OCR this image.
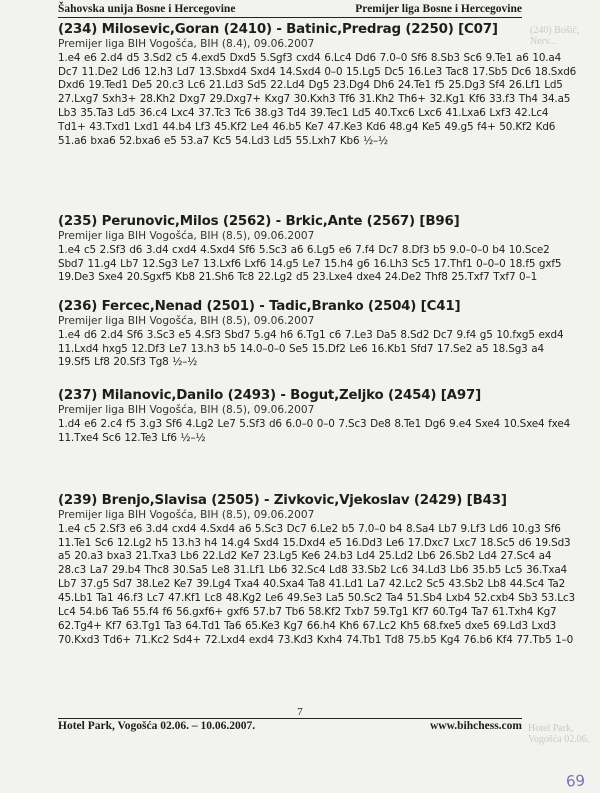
Šahovska unija Bosne i Hercegovine	Premijer liga Bosne i Hercegovine
(240) Bošić, Nerv...
(234) Milosevic,Goran (2410) - Batinic,Predrag (2250) [C07]
Premijer liga BIH Vogošća, BIH (8.4), 09.06.2007
1.e4 e6 2.d4 d5 3.Sd2 c5 4.exd5 Dxd5 5.Sgf3 cxd4 6.Lc4 Dd6 7.0–0 Sf6 8.Sb3 Sc6 9.Te1 a6 10.a4 Dc7 11.De2 Ld6 12.h3 Ld7 13.Sbxd4 Sxd4 14.Sxd4 0–0 15.Lg5 Dc5 16.Le3 Tac8 17.Sb5 Dc6 18.Sxd6 Dxd6 19.Ted1 De5 20.c3 Lc6 21.Ld3 Sd5 22.Ld4 Dg5 23.Dg4 Dh6 24.Te1 f5 25.Dg3 Sf4 26.Lf1 Ld5 27.Lxg7 Sxh3+ 28.Kh2 Dxg7 29.Dxg7+ Kxg7 30.Kxh3 Tf6 31.Kh2 Th6+ 32.Kg1 Kf6 33.f3 Th4 34.a5 Lb3 35.Ta3 Ld5 36.c4 Lxc4 37.Tc3 Tc6 38.g3 Td4 39.Tec1 Ld5 40.Txc6 Lxc6 41.Lxa6 Lxf3 42.Lc4 Td1+ 43.Txd1 Lxd1 44.b4 Lf3 45.Kf2 Le4 46.b5 Ke7 47.Ke3 Kd6 48.g4 Ke5 49.g5 f4+ 50.Kf2 Kd6 51.a6 bxa6 52.bxa6 e5 53.a7 Kc5 54.Ld3 Ld5 55.Lxh7 Kb6 ½–½
(235) Perunovic,Milos (2562) - Brkic,Ante (2567) [B96]
Premijer liga BIH Vogošća, BIH (8.5), 09.06.2007
1.e4 c5 2.Sf3 d6 3.d4 cxd4 4.Sxd4 Sf6 5.Sc3 a6 6.Lg5 e6 7.f4 Dc7 8.Df3 b5 9.0–0–0 b4 10.Sce2 Sbd7 11.g4 Lb7 12.Sg3 Le7 13.Lxf6 Lxf6 14.g5 Le7 15.h4 g6 16.Lh3 Sc5 17.Thf1 0–0–0 18.f5 gxf5 19.De3 Sxe4 20.Sgxf5 Kb8 21.Sh6 Tc8 22.Lg2 d5 23.Lxe4 dxe4 24.De2 Thf8 25.Txf7 Txf7 0–1
(236) Fercec,Nenad (2501) - Tadic,Branko (2504) [C41]
Premijer liga BIH Vogošća, BIH (8.5), 09.06.2007
1.e4 d6 2.d4 Sf6 3.Sc3 e5 4.Sf3 Sbd7 5.g4 h6 6.Tg1 c6 7.Le3 Da5 8.Sd2 Dc7 9.f4 g5 10.fxg5 exd4 11.Lxd4 hxg5 12.Df3 Le7 13.h3 b5 14.0–0–0 Se5 15.Df2 Le6 16.Kb1 Sfd7 17.Se2 a5 18.Sg3 a4 19.Sf5 Lf8 20.Sf3 Tg8 ½–½
(237) Milanovic,Danilo (2493) - Bogut,Zeljko (2454) [A97]
Premijer liga BIH Vogošća, BIH (8.5), 09.06.2007
1.d4 e6 2.c4 f5 3.g3 Sf6 4.Lg2 Le7 5.Sf3 d6 6.0–0 0–0 7.Sc3 De8 8.Te1 Dg6 9.e4 Sxe4 10.Sxe4 fxe4 11.Txe4 Sc6 12.Te3 Lf6 ½–½
(239) Brenjo,Slavisa (2505) - Zivkovic,Vjekoslav (2429) [B43]
Premijer liga BIH Vogošća, BIH (8.5), 09.06.2007
1.e4 c5 2.Sf3 e6 3.d4 cxd4 4.Sxd4 a6 5.Sc3 Dc7 6.Le2 b5 7.0–0 b4 8.Sa4 Lb7 9.Lf3 Ld6 10.g3 Sf6 11.Te1 Sc6 12.Lg2 h5 13.h3 h4 14.g4 Sxd4 15.Dxd4 e5 16.Dd3 Le6 17.Dxc7 Lxc7 18.Sc5 d6 19.Sd3 a5 20.a3 bxa3 21.Txa3 Lb6 22.Ld2 Ke7 23.Lg5 Ke6 24.b3 Ld4 25.Ld2 Lb6 26.Sb2 Ld4 27.Sc4 a4 28.c3 La7 29.b4 Thc8 30.Sa5 Le8 31.Lf1 Lb6 32.Sc4 Ld8 33.Sb2 Lc6 34.Ld3 Lb6 35.b5 Lc5 36.Txa4 Lb7 37.g5 Sd7 38.Le2 Ke7 39.Lg4 Txa4 40.Sxa4 Ta8 41.Ld1 La7 42.Lc2 Sc5 43.Sb2 Lb8 44.Sc4 Ta2 45.Lb1 Ta1 46.f3 Lc7 47.Kf1 Lc8 48.Kg2 Le6 49.Se3 La5 50.Sc2 Ta4 51.Sb4 Lxb4 52.cxb4 Sb3 53.Lc3 Lc4 54.b6 Ta6 55.f4 f6 56.gxf6+ gxf6 57.b7 Tb6 58.Kf2 Txb7 59.Tg1 Kf7 60.Tg4 Ta7 61.Txh4 Kg7 62.Tg4+ Kf7 63.Tg1 Ta3 64.Td1 Ta6 65.Ke3 Kg7 66.h4 Kh6 67.Lc2 Kh5 68.fxe5 dxe5 69.Ld3 Lxd3 70.Kxd3 Td6+ 71.Kc2 Sd4+ 72.Lxd4 exd4 73.Kd3 Kxh4 74.Tb1 Td8 75.b5 Kg4 76.b6 Kf4 77.Tb5 1–0
7
Hotel Park, Vogošća 02.06. – 10.06.2007.	www.bihchess.com Hotel Park, Vogošća 02.06.
69
